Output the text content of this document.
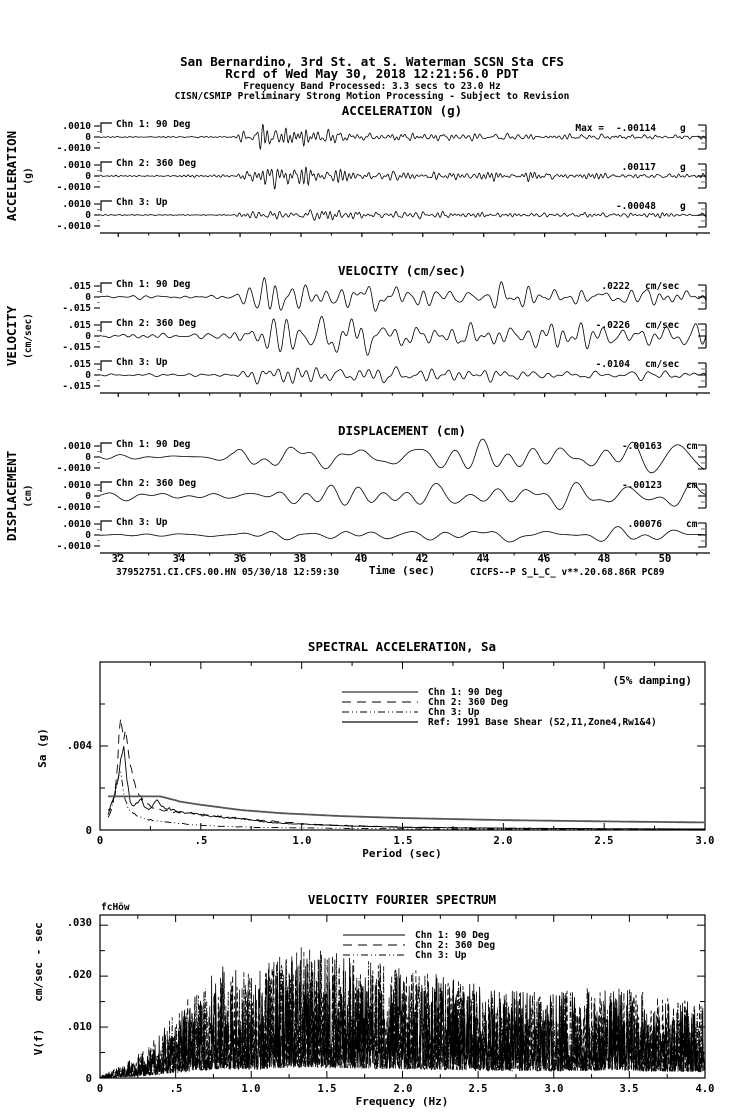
San Bernardino, 3rd St. at S. Waterman SCSN Sta CFS
Rcrd of Wed May 30, 2018 12:21:56.0 PDT
Frequency Band Processed: 3.3 secs to 23.0 Hz
CISN/CSMIP Preliminary Strong Motion Processing - Subject to Revision
ACCELERATION (g)
ACCELERATION (g)
Chn 1: 90 Deg
.0010
0
-.0010
Max = -.00114	g
Chn 2: 360 Deg
.0010
0
-.0010
.00117	g
Chn 3: Up
.0010
0
-.0010
-.00048	g
VELOCITY (cm/sec)
VELOCITY (cm/sec)
Chn 1: 90 Deg
.015
0
-.015
.0222 cm/sec
Chn 2: 360 Deg
.015
0
-.015
-.0226 cm/sec
Chn 3: Up
.015
0
-.015
-.0104 cm/sec
DISPLACEMENT (cm)
DISPLACEMENT (cm)
Chn 1: 90 Deg
.0010
0
-.0010
-.00163	cm
Chn 2: 360 Deg
.0010
0
-.0010
-.00123	cm
Chn 3: Up
.0010
0
-.0010
.00076	cm
32	34	36	38	40	42	44	46	48	50
Time (sec)
37952751.CI.CFS.00.HN 05/30/18 12:59:30	CICFS--P S_L_C_ v**.20.68.86R PC89
SPECTRAL ACCELERATION, Sa
(5% damping)
Chn 1: 90 Deg
Chn 2: 360 Deg
Chn 3: Up
Ref: 1991 Base Shear (S2,I1,Zone4,Rw1&4)
.004
0
Sa (g)
0	.5	1.0	1.5	2.0	2.5	3.0
Period (sec)
VELOCITY FOURIER SPECTRUM
fcHöw
Chn 1: 90 Deg
Chn 2: 360 Deg
Chn 3: Up
.030
.020
.010
0
cm/sec - sec
V(f)
0	.5	1.0	1.5	2.0	2.5	3.0	3.5	4.0
Frequency (Hz)
